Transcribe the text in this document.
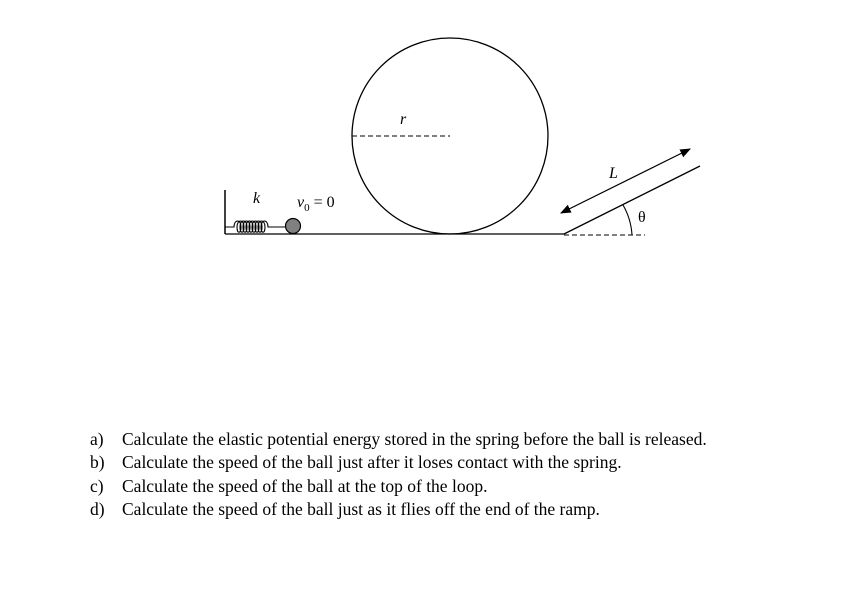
k $v_0 = 0$
r
L
θ
a) Calculate the elastic potential energy stored in the spring before the ball is released.
b) Calculate the speed of the ball just after it loses contact with the spring.
c) Calculate the speed of the ball at the top of the loop.
d) Calculate the speed of the ball just as it flies off the end of the ramp.
